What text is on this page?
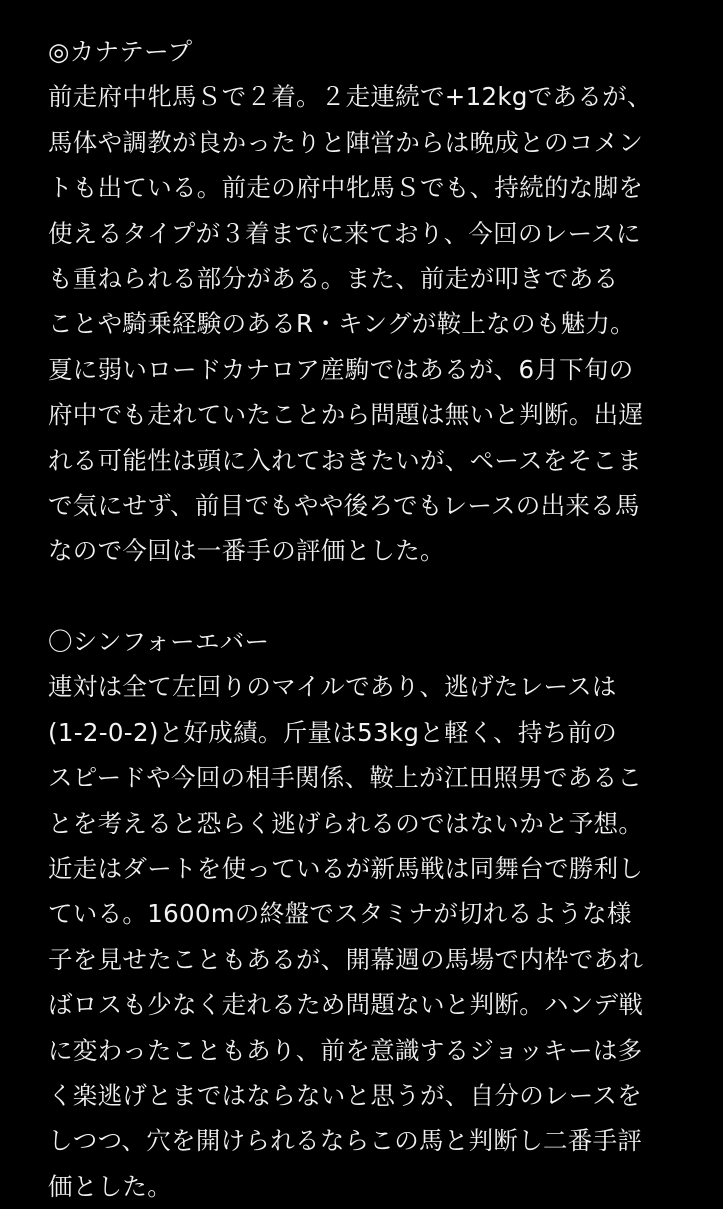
◎カナテープ
前走府中牝馬Ｓで２着。２走連続で+12kgであるが、
馬体や調教が良かったりと陣営からは晩成とのコメン
トも出ている。前走の府中牝馬Ｓでも、持続的な脚を
使えるタイプが３着までに来ており、今回のレースに
も重ねられる部分がある。また、前走が叩きである
ことや騎乗経験のあるR・キングが鞍上なのも魅力。
夏に弱いロードカナロア産駒ではあるが、6月下旬の
府中でも走れていたことから問題は無いと判断。出遅
れる可能性は頭に入れておきたいが、ペースをそこま
で気にせず、前目でもやや後ろでもレースの出来る馬
なので今回は一番手の評価とした。
〇シンフォーエバー
連対は全て左回りのマイルであり、逃げたレースは
(1-2-0-2)と好成績。斤量は53kgと軽く、持ち前の
スピードや今回の相手関係、鞍上が江田照男であるこ
とを考えると恐らく逃げられるのではないかと予想。
近走はダートを使っているが新馬戦は同舞台で勝利し
ている。1600mの終盤でスタミナが切れるような様
子を見せたこともあるが、開幕週の馬場で内枠であれ
ばロスも少なく走れるため問題ないと判断。ハンデ戦
に変わったこともあり、前を意識するジョッキーは多
く楽逃げとまではならないと思うが、自分のレースを
しつつ、穴を開けられるならこの馬と判断し二番手評
価とした。
